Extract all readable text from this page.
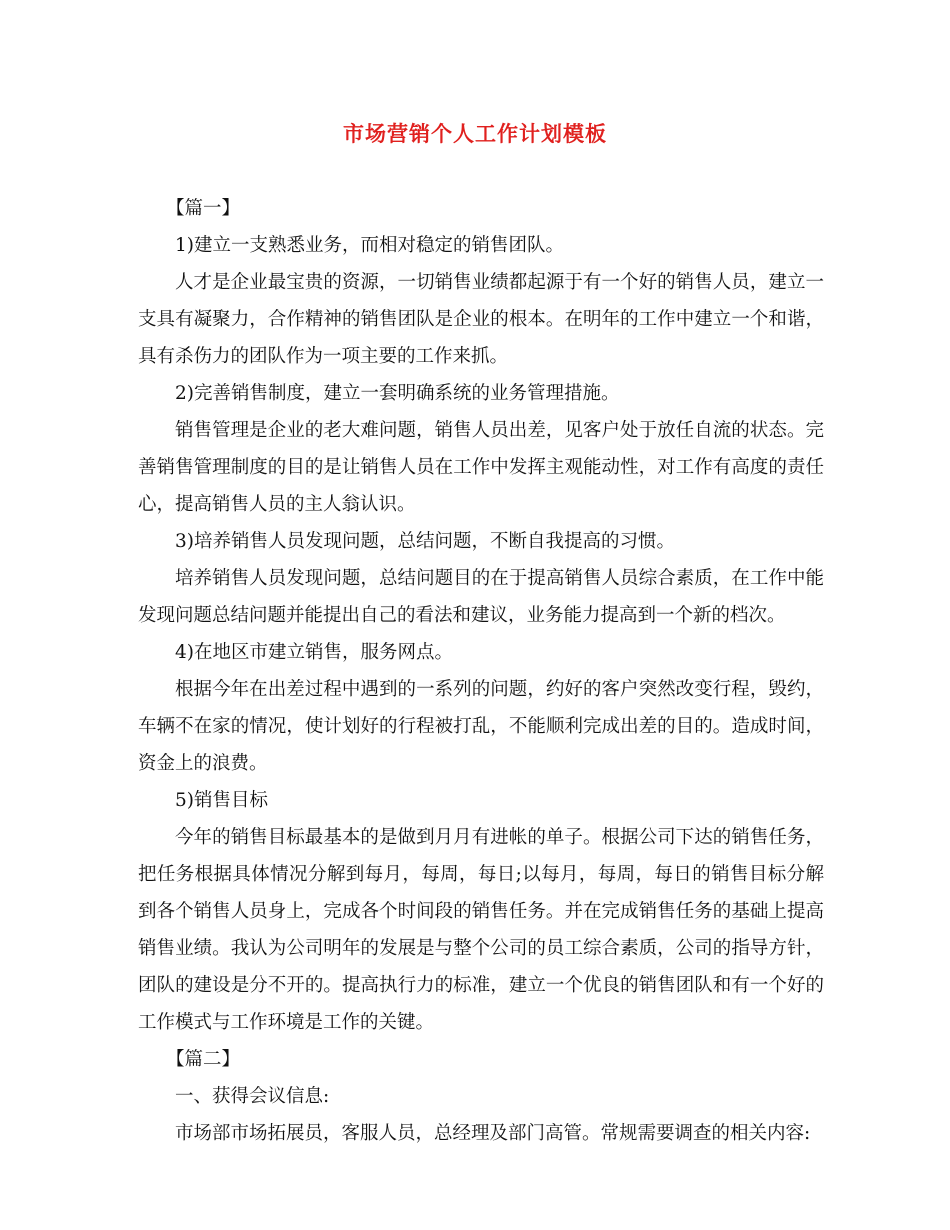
市场营销个人工作计划模板

【篇一】

1)建立一支熟悉业务，而相对稳定的销售团队。

人才是企业最宝贵的资源，一切销售业绩都起源于有一个好的销售人员，建立一支具有凝聚力，合作精神的销售团队是企业的根本。在明年的工作中建立一个和谐，具有杀伤力的团队作为一项主要的工作来抓。

2)完善销售制度，建立一套明确系统的业务管理措施。

销售管理是企业的老大难问题，销售人员出差，见客户处于放任自流的状态。完善销售管理制度的目的是让销售人员在工作中发挥主观能动性，对工作有高度的责任心，提高销售人员的主人翁认识。

3)培养销售人员发现问题，总结问题，不断自我提高的习惯。

培养销售人员发现问题，总结问题目的在于提高销售人员综合素质，在工作中能发现问题总结问题并能提出自己的看法和建议，业务能力提高到一个新的档次。

4)在地区市建立销售，服务网点。

根据今年在出差过程中遇到的一系列的问题，约好的客户突然改变行程，毁约，车辆不在家的情况，使计划好的行程被打乱，不能顺利完成出差的目的。造成时间，资金上的浪费。

5)销售目标

今年的销售目标最基本的是做到月月有进帐的单子。根据公司下达的销售任务，把任务根据具体情况分解到每月，每周，每日;以每月，每周，每日的销售目标分解到各个销售人员身上，完成各个时间段的销售任务。并在完成销售任务的基础上提高销售业绩。我认为公司明年的发展是与整个公司的员工综合素质，公司的指导方针，团队的建设是分不开的。提高执行力的标准，建立一个优良的销售团队和有一个好的工作模式与工作环境是工作的关键。

【篇二】

一、获得会议信息:

市场部市场拓展员，客服人员，总经理及部门高管。常规需要调查的相关内容:
